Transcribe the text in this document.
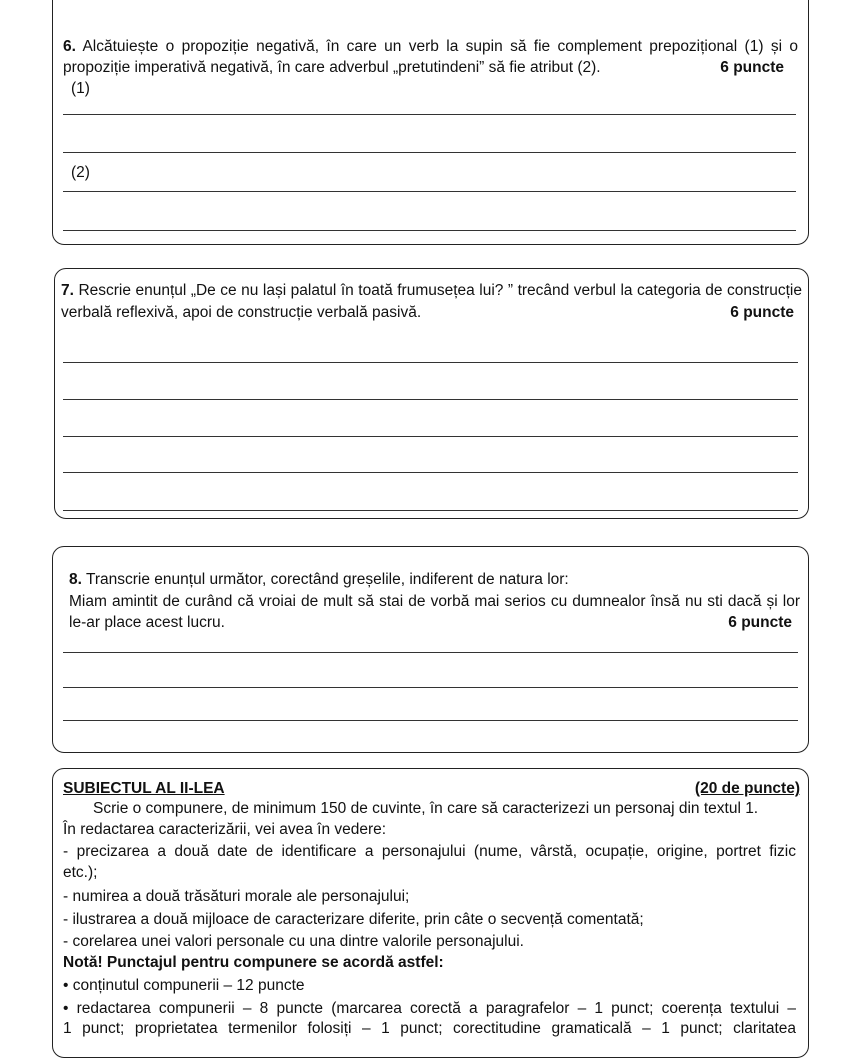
6. Alcătuiește o propoziție negativă, în care un verb la supin să fie complement prepozițional (1) și o
propoziție imperativă negativă, în care adverbul „pretutindeni” să fie atribut (2).	6 puncte
(1)
(2)
7. Rescrie enunțul „De ce nu lași palatul în toată frumusețea lui? ” trecând verbul la categoria de construcție
verbală reflexivă, apoi de construcție verbală pasivă.	6 puncte
8. Transcrie enunțul următor, corectând greșelile, indiferent de natura lor:
Miam amintit de curând că vroiai de mult să stai de vorbă mai serios cu dumnealor însă nu sti dacă și lor
le-ar place acest lucru.	6 puncte
SUBIECTUL AL II-LEA	(20 de puncte)
Scrie o compunere, de minimum 150 de cuvinte, în care să caracterizezi un personaj din textul 1.
În redactarea caracterizării, vei avea în vedere:
- precizarea a două date de identificare a personajului (nume, vârstă, ocupație, origine, portret fizic
etc.);
- numirea a două trăsături morale ale personajului;
- ilustrarea a două mijloace de caracterizare diferite, prin câte o secvență comentată;
- corelarea unei valori personale cu una dintre valorile personajului.
Notă! Punctajul pentru compunere se acordă astfel:
• conținutul compunerii – 12 puncte
• redactarea compunerii – 8 puncte (marcarea corectă a paragrafelor – 1 punct; coerența textului –
1 punct; proprietatea termenilor folosiți – 1 punct; corectitudine gramaticală – 1 punct; claritatea
